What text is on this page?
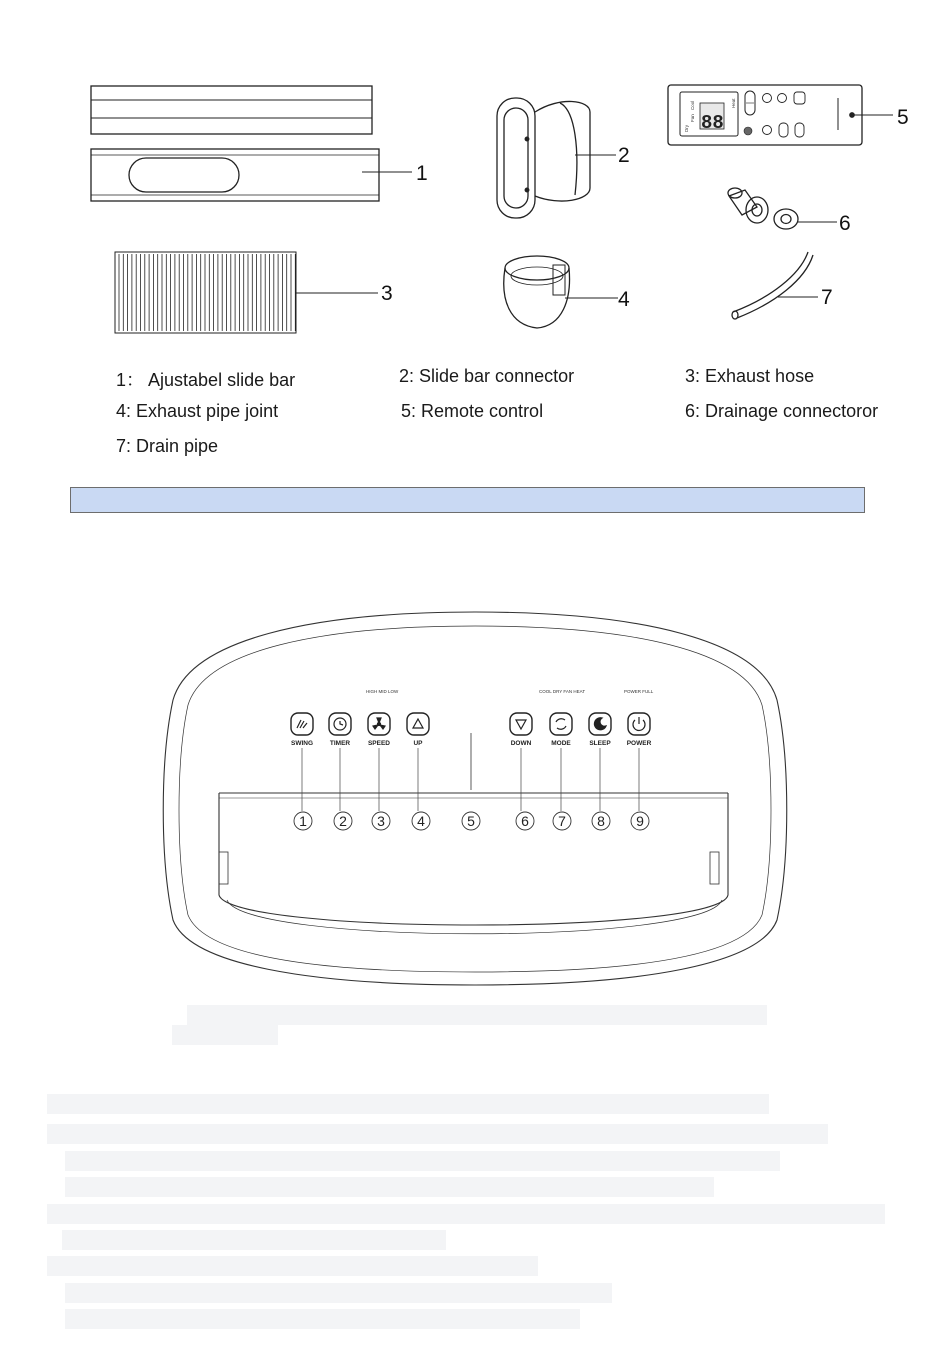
1
2
3	4
88
Dry
Fan
Cool	Heat
5
6
7
HIGH MID LOW	COOL DRY FAN HEAT	POWER FULL
SWING	TIMER	SPEED	UP	DOWN	MODE	SLEEP POWER
1 2 3 4	5	6 7 8 9
1： Ajustabel slide bar	2: Slide bar connector	3: Exhaust hose
4: Exhaust pipe joint	5: Remote control	6: Drainage connectoror
7: Drain pipe
